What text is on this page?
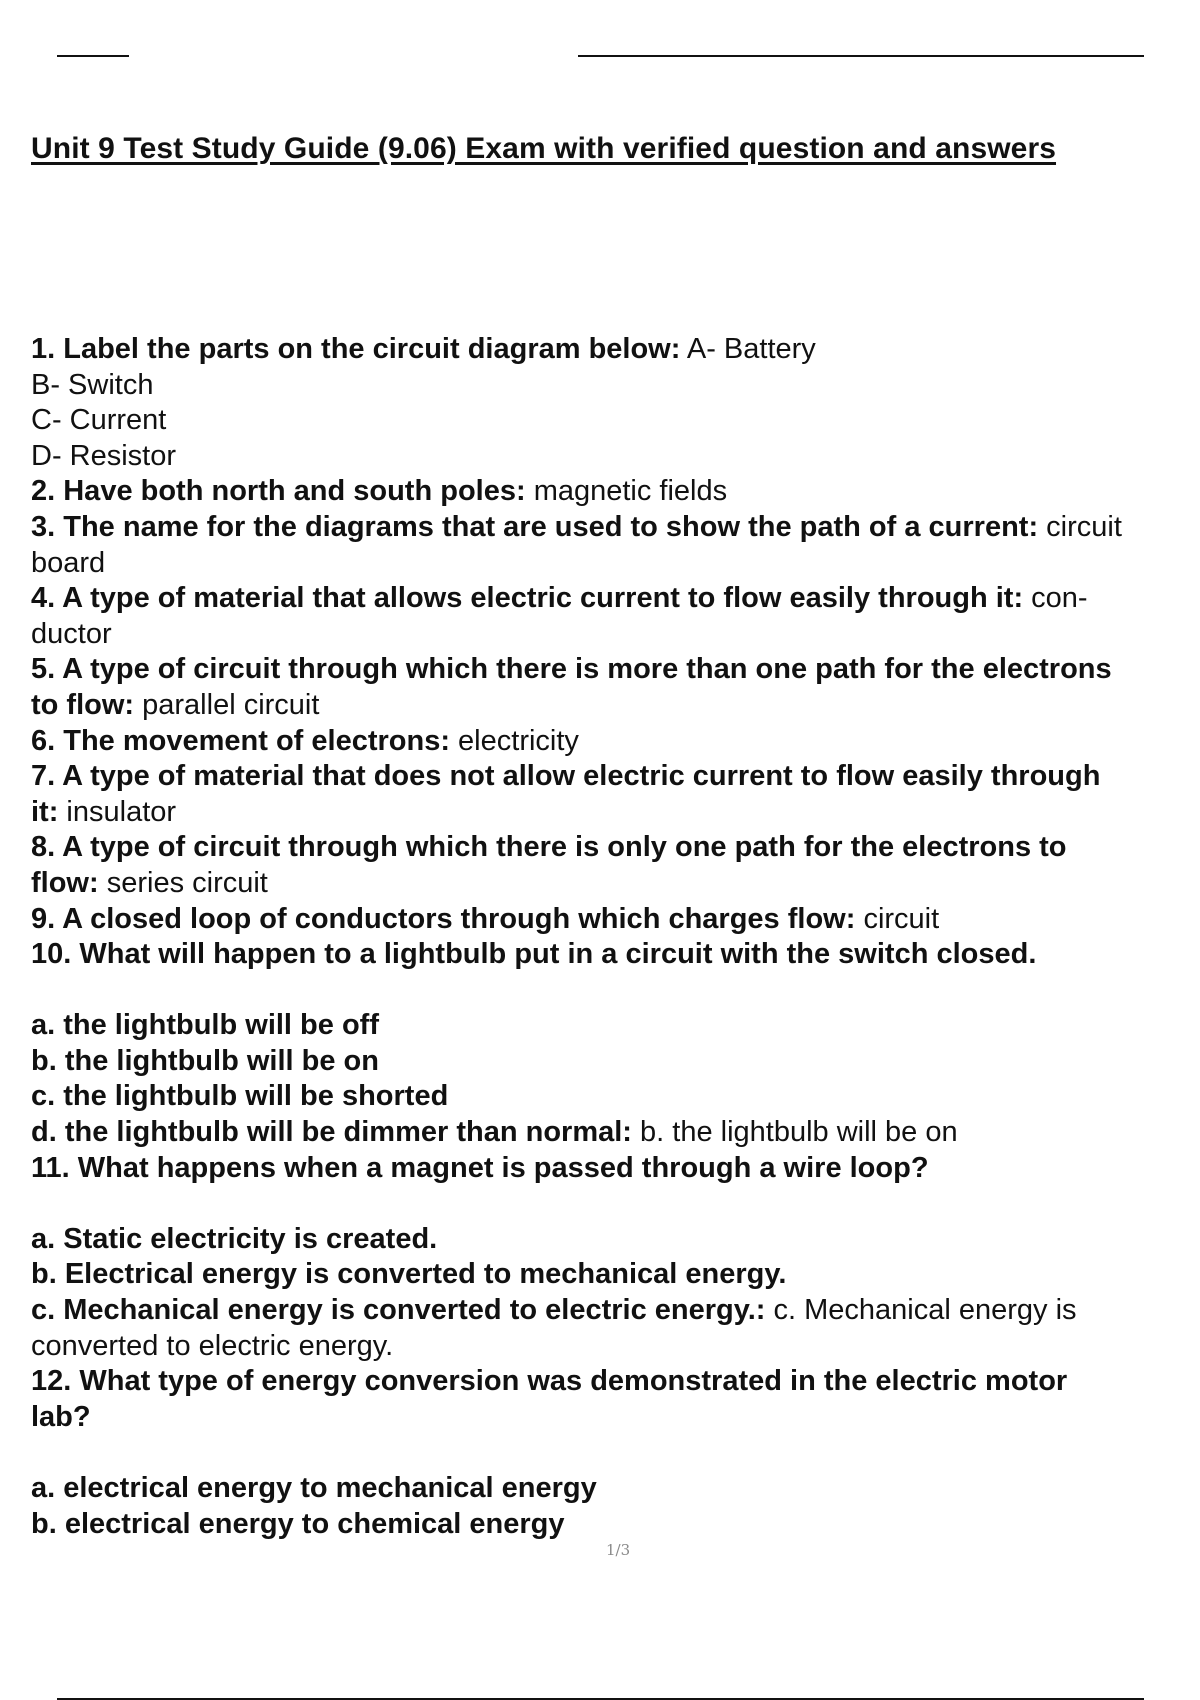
Unit 9 Test Study Guide (9.06) Exam with verified question and answers
1. Label the parts on the circuit diagram below: A- Battery
B- Switch
C- Current
D- Resistor
2. Have both north and south poles: magnetic fields
3. The name for the diagrams that are used to show the path of a current: circuit
board
4. A type of material that allows electric current to flow easily through it: con-
ductor
5. A type of circuit through which there is more than one path for the electrons
to flow: parallel circuit
6. The movement of electrons: electricity
7. A type of material that does not allow electric current to flow easily through
it: insulator
8. A type of circuit through which there is only one path for the electrons to
flow: series circuit
9. A closed loop of conductors through which charges flow: circuit
10. What will happen to a lightbulb put in a circuit with the switch closed.
a. the lightbulb will be off
b. the lightbulb will be on
c. the lightbulb will be shorted
d. the lightbulb will be dimmer than normal: b. the lightbulb will be on
11. What happens when a magnet is passed through a wire loop?
a. Static electricity is created.
b. Electrical energy is converted to mechanical energy.
c. Mechanical energy is converted to electric energy.: c. Mechanical energy is
converted to electric energy.
12. What type of energy conversion was demonstrated in the electric motor
lab?
a. electrical energy to mechanical energy
b. electrical energy to chemical energy
1/3
